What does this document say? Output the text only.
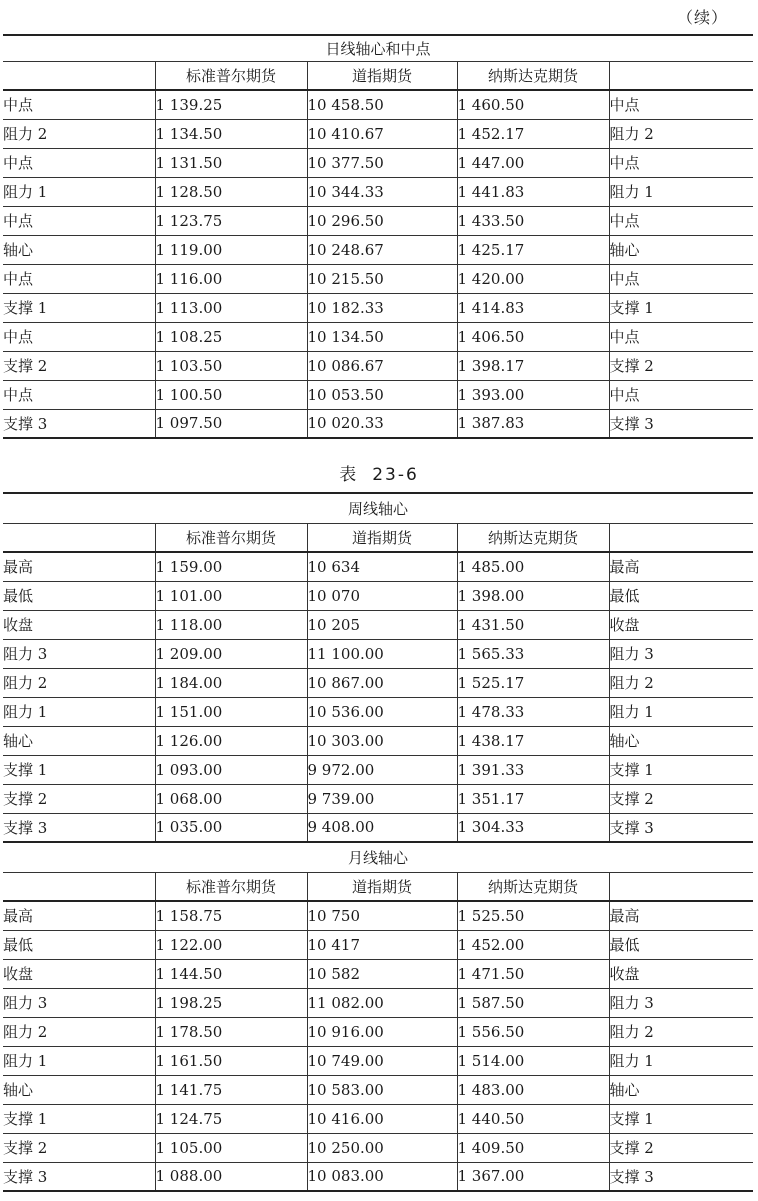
（续）
日线轴心和中点				
	标准普尔期货	道指期货	纳斯达克期货	
中点	1 139.25	10 458.50	1 460.50	中点
阻力 2	1 134.50	10 410.67	1 452.17	阻力 2
中点	1 131.50	10 377.50	1 447.00	中点
阻力 1	1 128.50	10 344.33	1 441.83	阻力 1
中点	1 123.75	10 296.50	1 433.50	中点
轴心	1 119.00	10 248.67	1 425.17	轴心
中点	1 116.00	10 215.50	1 420.00	中点
支撑 1	1 113.00	10 182.33	1 414.83	支撑 1
中点	1 108.25	10 134.50	1 406.50	中点
支撑 2	1 103.50	10 086.67	1 398.17	支撑 2
中点	1 100.50	10 053.50	1 393.00	中点
支撑 3	1 097.50	10 020.33	1 387.83	支撑 3
表 23-6
周线轴心				
	标准普尔期货	道指期货	纳斯达克期货	
最高	1 159.00	10 634	1 485.00	最高
最低	1 101.00	10 070	1 398.00	最低
收盘	1 118.00	10 205	1 431.50	收盘
阻力 3	1 209.00	11 100.00	1 565.33	阻力 3
阻力 2	1 184.00	10 867.00	1 525.17	阻力 2
阻力 1	1 151.00	10 536.00	1 478.33	阻力 1
轴心	1 126.00	10 303.00	1 438.17	轴心
支撑 1	1 093.00	9 972.00	1 391.33	支撑 1
支撑 2	1 068.00	9 739.00	1 351.17	支撑 2
支撑 3	1 035.00	9 408.00	1 304.33	支撑 3
月线轴心				
	标准普尔期货	道指期货	纳斯达克期货	
最高	1 158.75	10 750	1 525.50	最高
最低	1 122.00	10 417	1 452.00	最低
收盘	1 144.50	10 582	1 471.50	收盘
阻力 3	1 198.25	11 082.00	1 587.50	阻力 3
阻力 2	1 178.50	10 916.00	1 556.50	阻力 2
阻力 1	1 161.50	10 749.00	1 514.00	阻力 1
轴心	1 141.75	10 583.00	1 483.00	轴心
支撑 1	1 124.75	10 416.00	1 440.50	支撑 1
支撑 2	1 105.00	10 250.00	1 409.50	支撑 2
支撑 3	1 088.00	10 083.00	1 367.00	支撑 3
